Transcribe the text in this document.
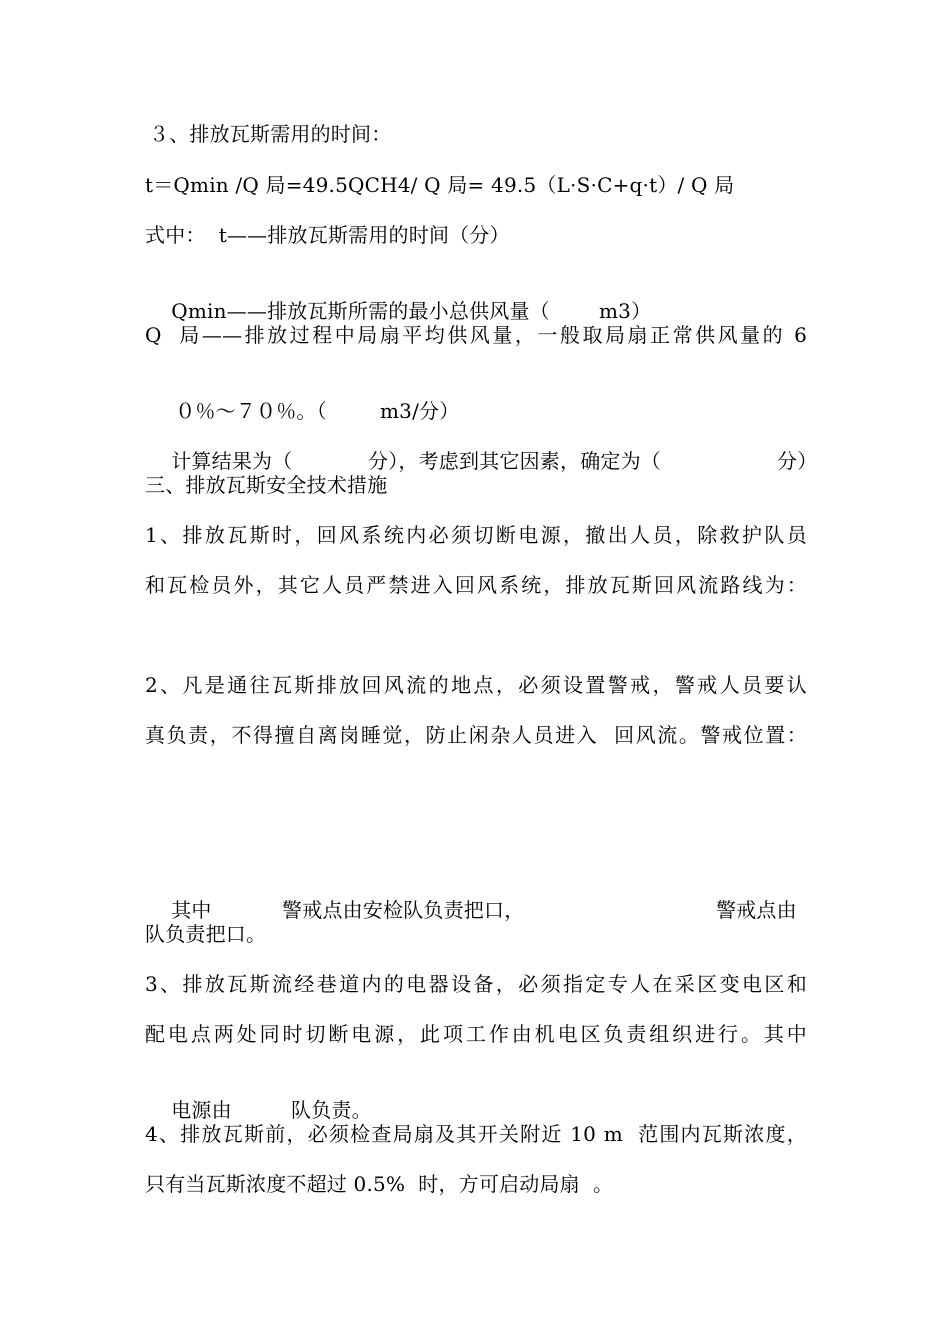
３、排放瓦斯需用的时间：
t＝Qmin /Q 局=49.5QCH4/ Q 局= 49.5（L·S·C+q·t）/ Q 局
式中：  t——排放瓦斯需用的时间（分）

Qmin——排放瓦斯所需的最小总供风量（ m3）

Q  局——排放过程中局扇平均供风量，一般取局扇正常供风量的 6

０％～７０％。（	m3/分）

计算结果为（	分），考虑到其它因素，确定为（	分）

三、排放瓦斯安全技术措施
1、排放瓦斯时，回风系统内必须切断电源，撤出人员，除救护队员
和瓦检员外，其它人员严禁进入回风系统，排放瓦斯回风流路线为：
2、凡是通往瓦斯排放回风流的地点，必须设置警戒，警戒人员要认
真负责，不得擅自离岗睡觉，防止闲杂人员进入  回风流。警戒位置：

其中	警戒点由安检队负责把口，	警戒点由

队负责把口。
3、排放瓦斯流经巷道内的电器设备，必须指定专人在采区变电区和
配电点两处同时切断电源，此项工作由机电区负责组织进行。其中

电源由	队负责。

4、排放瓦斯前，必须检查局扇及其开关附近 10 m  范围内瓦斯浓度，
只有当瓦斯浓度不超过 0.5%  时，方可启动局扇  。
